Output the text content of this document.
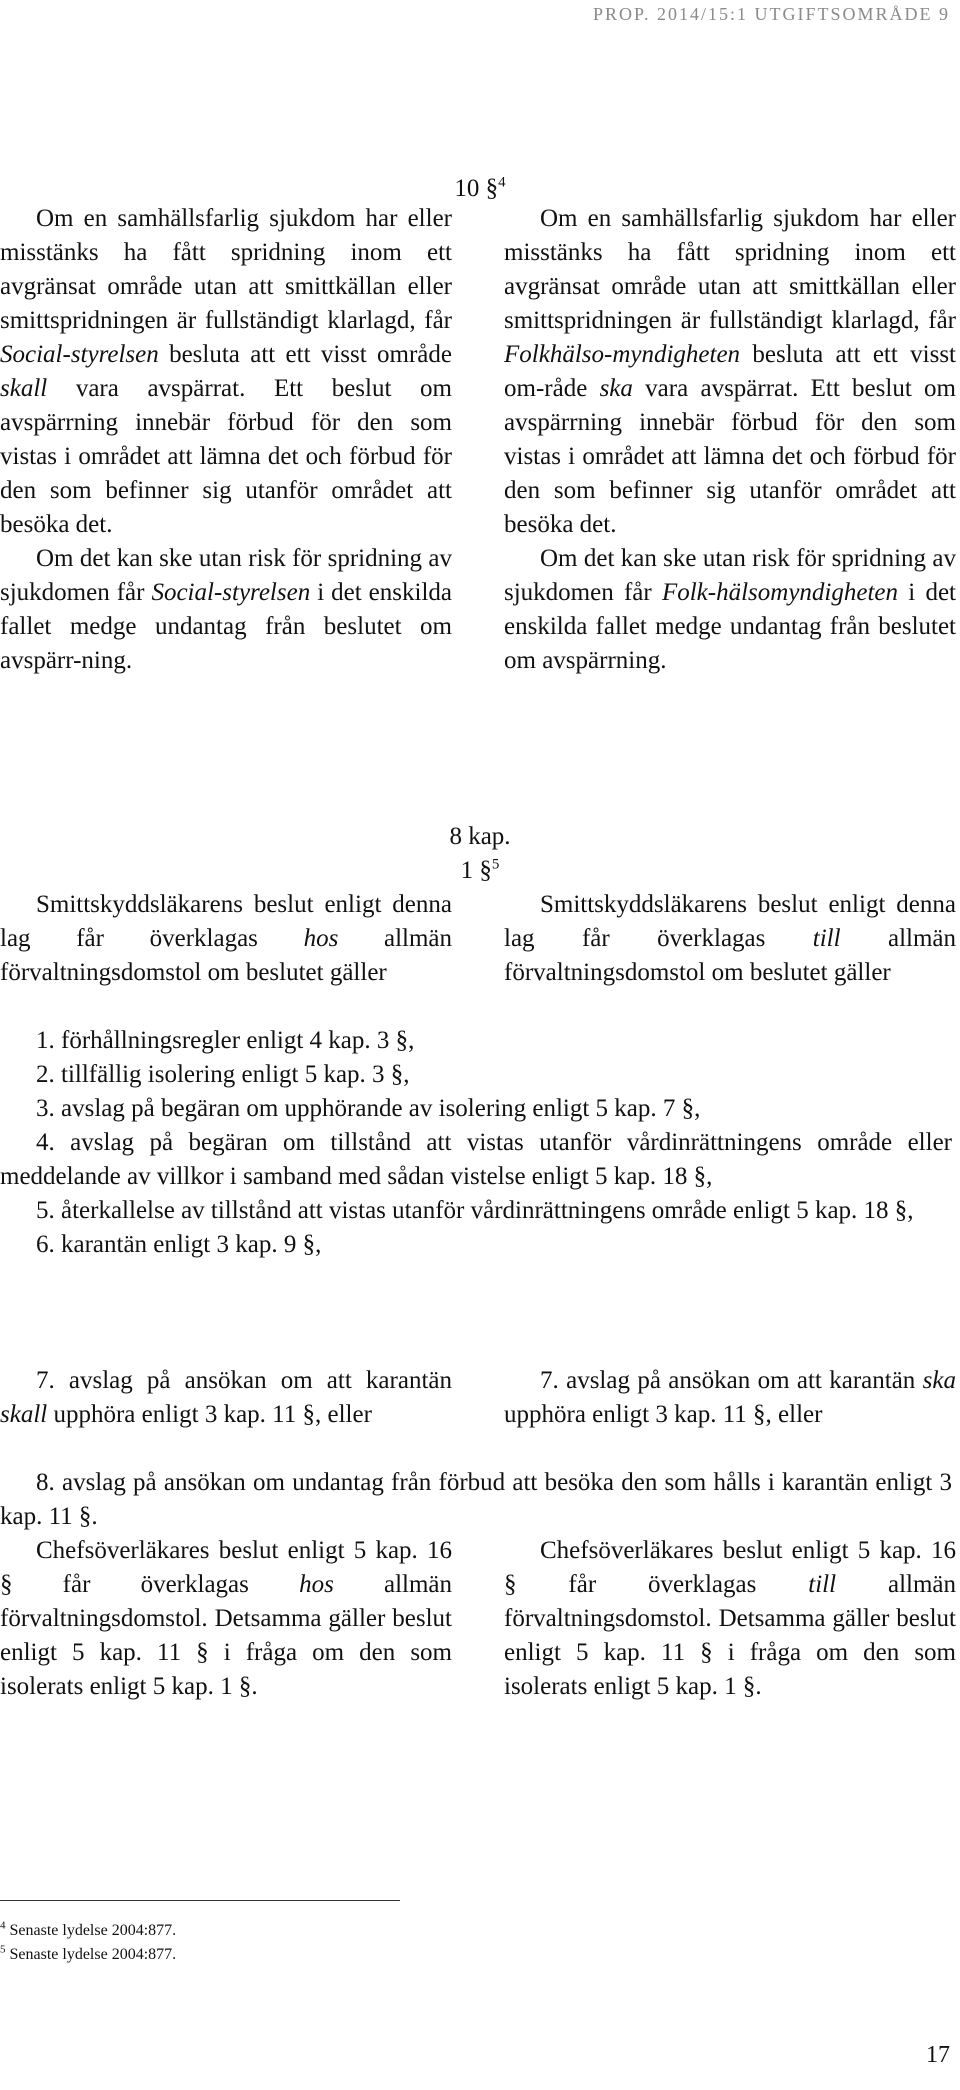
PROP. 2014/15:1 UTGIFTSOMRÅDE 9
10 §$^4$

Om en samhällsfarlig sjukdom har eller misstänks ha fått spridning inom ett avgränsat område utan att smittkällan eller smittspridningen är fullständigt klarlagd, får Social-styrelsen besluta att ett visst område skall vara avspärrat. Ett beslut om avspärrning innebär förbud för den som vistas i området att lämna det och förbud för den som befinner sig utanför området att besöka det.

Om det kan ske utan risk för spridning av sjukdomen får Social-styrelsen i det enskilda fallet medge undantag från beslutet om avspärr-ning.

Om en samhällsfarlig sjukdom har eller misstänks ha fått spridning inom ett avgränsat område utan att smittkällan eller smittspridningen är fullständigt klarlagd, får Folkhälso-myndigheten besluta att ett visst om-råde ska vara avspärrat. Ett beslut om avspärrning innebär förbud för den som vistas i området att lämna det och förbud för den som befinner sig utanför området att besöka det.

Om det kan ske utan risk för spridning av sjukdomen får Folk-hälsomyndigheten i det enskilda fallet medge undantag från beslutet om avspärrning.

8 kap.
1 §$^5$

Smittskyddsläkarens beslut enligt denna lag får överklagas hos allmän förvaltningsdomstol om beslutet gäller

Smittskyddsläkarens beslut enligt denna lag får överklagas till allmän förvaltningsdomstol om beslutet gäller

1. förhållningsregler enligt 4 kap. 3 §,

2. tillfällig isolering enligt 5 kap. 3 §,

3. avslag på begäran om upphörande av isolering enligt 5 kap. 7 §,

4. avslag på begäran om tillstånd att vistas utanför vårdinrättningens område eller meddelande av villkor i samband med sådan vistelse enligt 5 kap. 18 §,

5. återkallelse av tillstånd att vistas utanför vårdinrättningens område enligt 5 kap. 18 §,

6. karantän enligt 3 kap. 9 §,

7. avslag på ansökan om att karantän skall upphöra enligt 3 kap. 11 §, eller

7. avslag på ansökan om att karantän ska upphöra enligt 3 kap. 11 §, eller

8. avslag på ansökan om undantag från förbud att besöka den som hålls i karantän enligt 3 kap. 11 §.

Chefsöverläkares beslut enligt 5 kap. 16 § får överklagas hos allmän förvaltningsdomstol. Detsamma gäller beslut enligt 5 kap. 11 § i fråga om den som isolerats enligt 5 kap. 1 §.

Chefsöverläkares beslut enligt 5 kap. 16 § får överklagas till allmän förvaltningsdomstol. Detsamma gäller beslut enligt 5 kap. 11 § i fråga om den som isolerats enligt 5 kap. 1 §.

$^4$ Senaste lydelse 2004:877.
$^5$ Senaste lydelse 2004:877.
17
